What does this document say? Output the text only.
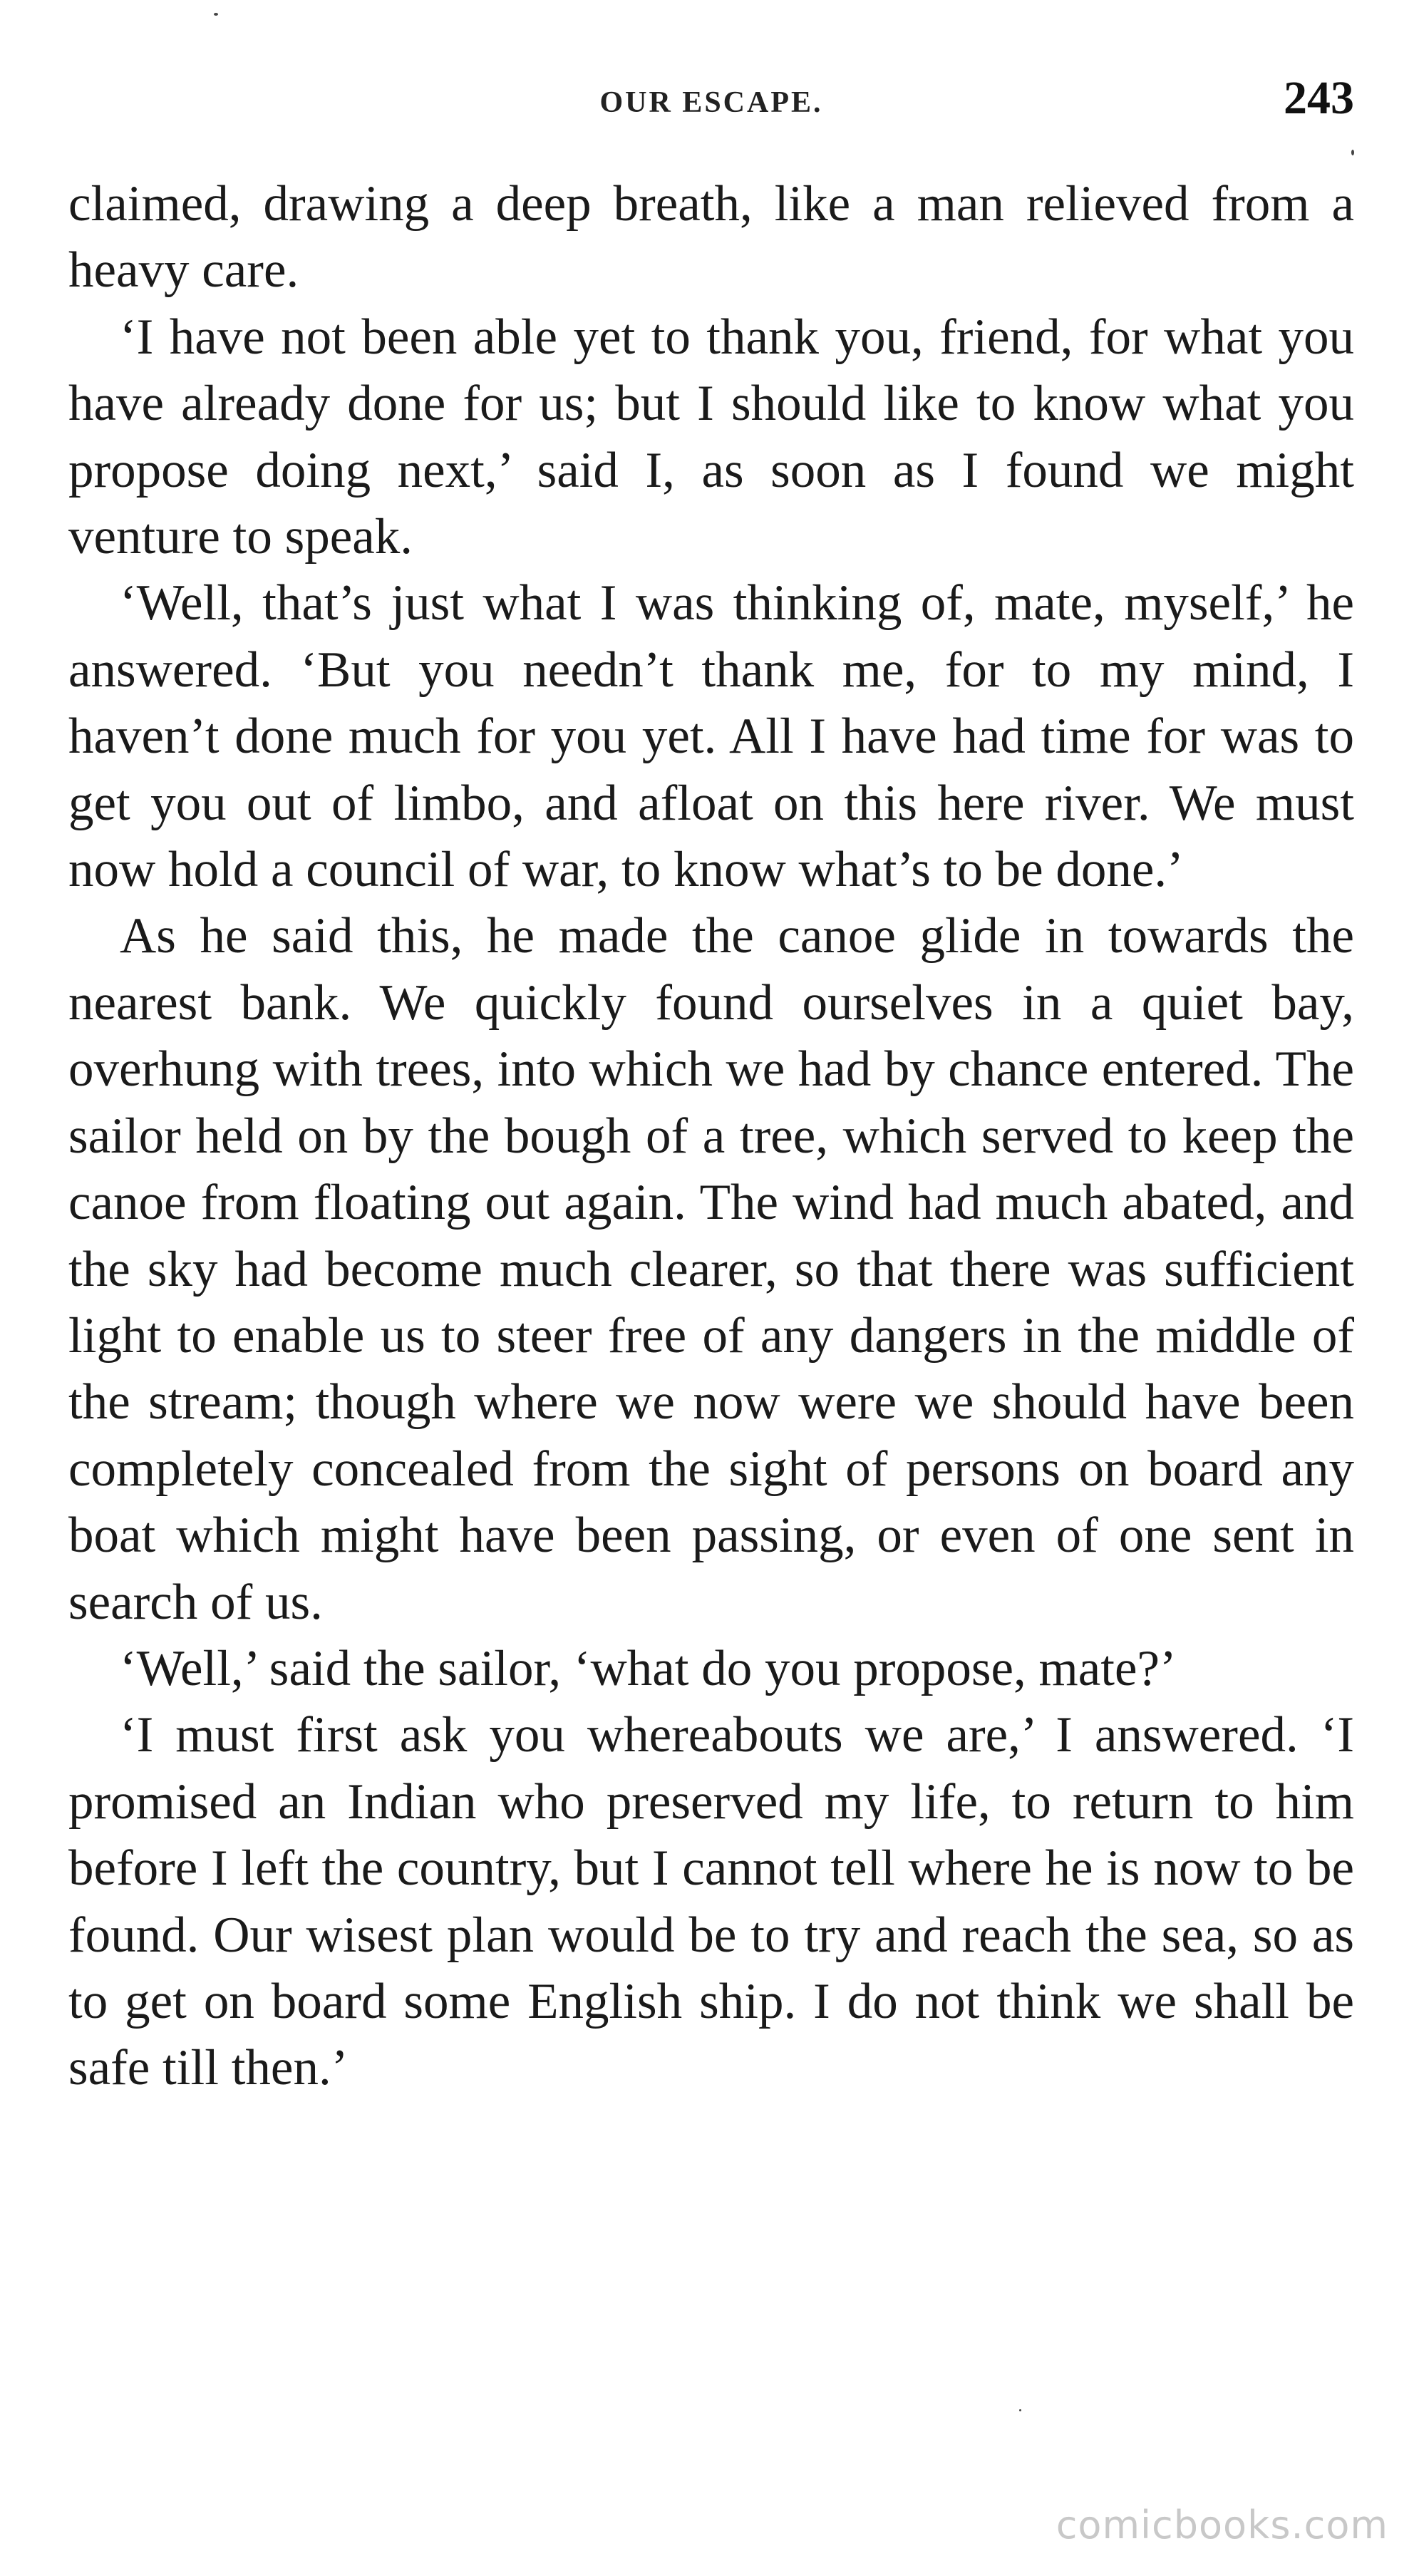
OUR ESCAPE.	243

claimed, drawing a deep breath, like a man relieved from a heavy care.

‘I have not been able yet to thank you, friend, for what you have already done for us; but I should like to know what you propose doing next,’ said I, as soon as I found we might venture to speak.

‘Well, that’s just what I was thinking of, mate, myself,’ he answered. ‘But you needn’t thank me, for to my mind, I haven’t done much for you yet. All I have had time for was to get you out of limbo, and afloat on this here river. We must now hold a council of war, to know what’s to be done.’

As he said this, he made the canoe glide in towards the nearest bank. We quickly found ourselves in a quiet bay, overhung with trees, into which we had by chance entered. The sailor held on by the bough of a tree, which served to keep the canoe from floating out again. The wind had much abated, and the sky had become much clearer, so that there was sufficient light to enable us to steer free of any dangers in the middle of the stream; though where we now were we should have been completely concealed from the sight of persons on board any boat which might have been passing, or even of one sent in search of us.

‘Well,’ said the sailor, ‘what do you propose, mate?’

‘I must first ask you whereabouts we are,’ I answered. ‘I promised an Indian who preserved my life, to return to him before I left the country, but I cannot tell where he is now to be found. Our wisest plan would be to try and reach the sea, so as to get on board some English ship. I do not think we shall be safe till then.’

comicbooks.com
